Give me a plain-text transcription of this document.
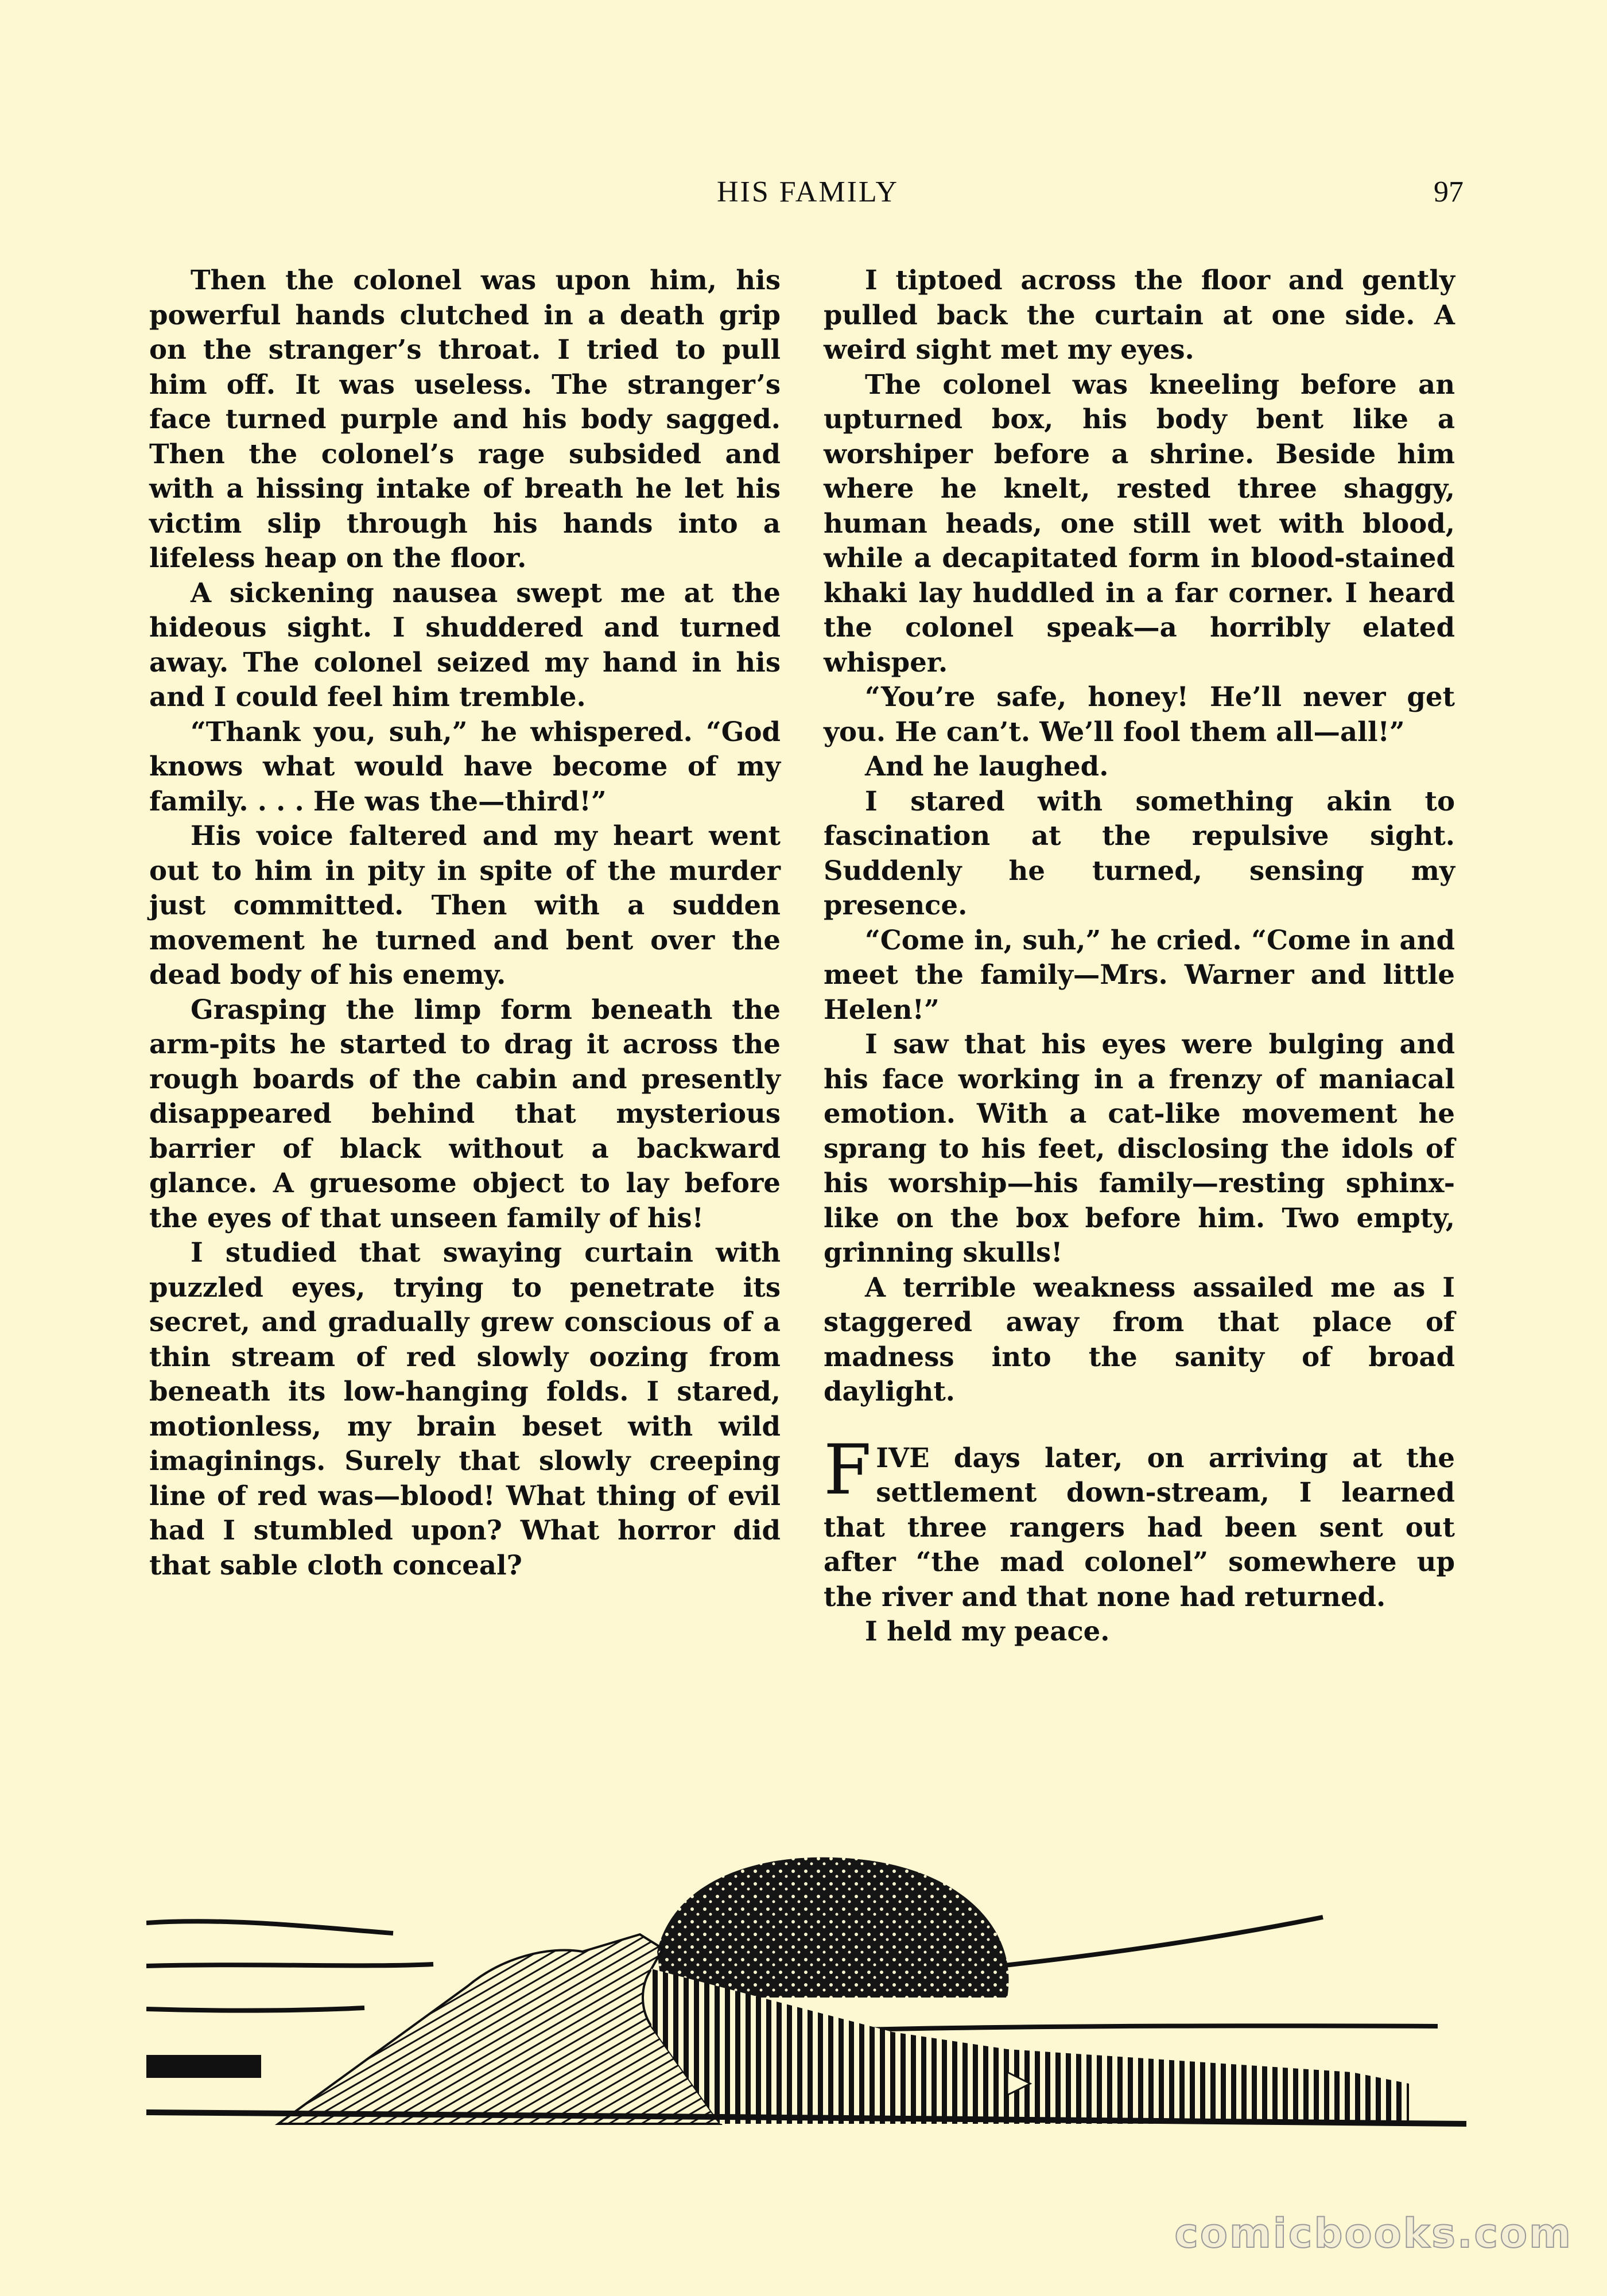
HIS FAMILY	97

Then the colonel was upon him, his powerful hands clutched in a death grip on the stranger’s throat. I tried to pull him off. It was useless. The stranger’s face turned purple and his body sagged. Then the colonel’s rage subsided and with a hissing intake of breath he let his victim slip through his hands into a lifeless heap on the floor.

A sickening nausea swept me at the hideous sight. I shuddered and turned away. The colonel seized my hand in his and I could feel him tremble.

“Thank you, suh,” he whispered. “God knows what would have become of my family. . . . He was the—third!”

His voice faltered and my heart went out to him in pity in spite of the murder just committed. Then with a sudden movement he turned and bent over the dead body of his enemy.

Grasping the limp form beneath the arm-pits he started to drag it across the rough boards of the cabin and presently disappeared behind that mysterious barrier of black without a backward glance. A gruesome object to lay before the eyes of that unseen family of his!

I studied that swaying curtain with puzzled eyes, trying to penetrate its secret, and gradually grew conscious of a thin stream of red slowly oozing from beneath its low-hanging folds. I stared, motionless, my brain beset with wild imaginings. Surely that slowly creeping line of red was—blood! What thing of evil had I stumbled upon? What horror did that sable cloth conceal?

I tiptoed across the floor and gently pulled back the curtain at one side. A weird sight met my eyes.

The colonel was kneeling before an upturned box, his body bent like a worshiper before a shrine. Beside him where he knelt, rested three shaggy, human heads, one still wet with blood, while a decapitated form in blood-stained khaki lay huddled in a far corner. I heard the colonel speak—a horribly elated whisper.

“You’re safe, honey! He’ll never get you. He can’t. We’ll fool them all—all!”

And he laughed.

I stared with something akin to fascination at the repulsive sight. Suddenly he turned, sensing my presence.

“Come in, suh,” he cried. “Come in and meet the family—Mrs. Warner and little Helen!”

I saw that his eyes were bulging and his face working in a frenzy of maniacal emotion. With a cat-like movement he sprang to his feet, disclosing the idols of his worship—his family—resting sphinx-like on the box before him. Two empty, grinning skulls!

A terrible weakness assailed me as I staggered away from that place of madness into the sanity of broad daylight.

FIVE days later, on arriving at the settlement down-stream, I learned that three rangers had been sent out after “the mad colonel” somewhere up the river and that none had returned.

I held my peace.

comicbooks.com
